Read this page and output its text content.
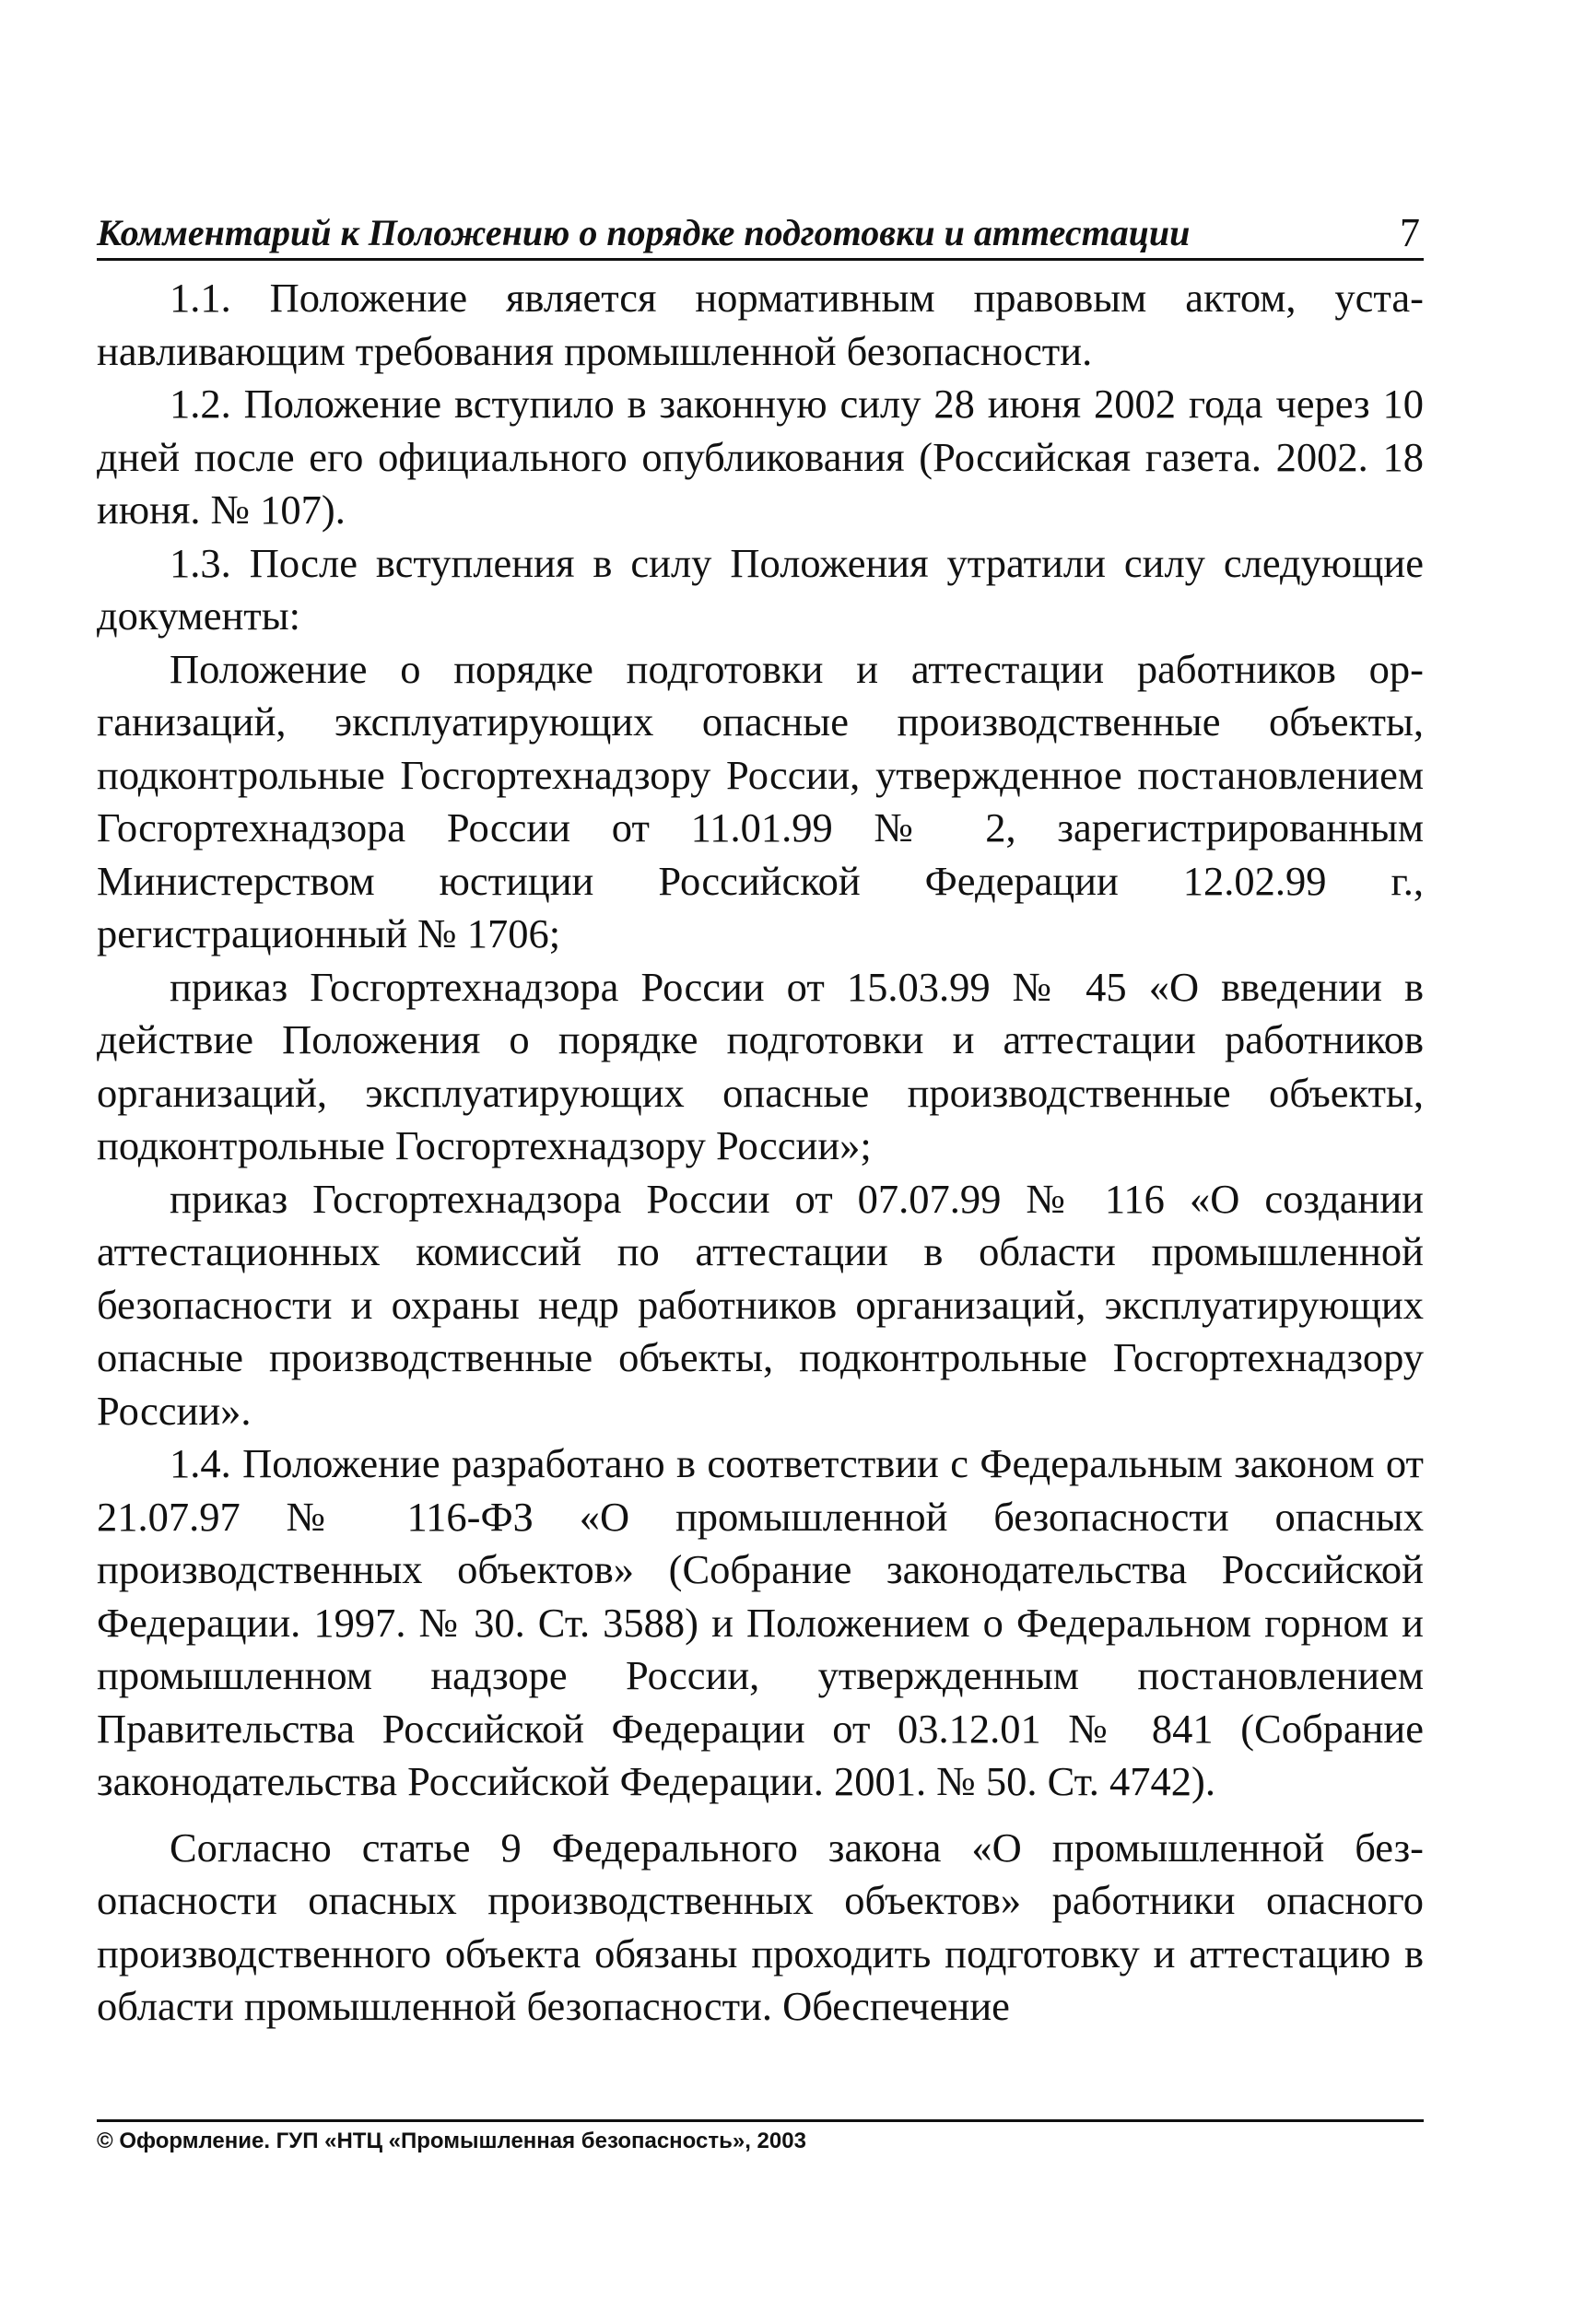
Комментарий к Положению о порядке подготовки и аттестации	7

1.1. Положение является нормативным правовым актом, устанавливающим требования промышленной безопасности.

1.2. Положение вступило в законную силу 28 июня 2002 года через 10 дней после его официального опубликования (Российская газета. 2002. 18 июня. № 107).

1.3. После вступления в силу Положения утратили силу следующие документы:

Положение о порядке подготовки и аттестации работников организаций, эксплуатирующих опасные производственные объекты, подконтрольные Госгортехнадзору России, утвержденное постановлением Госгортехнадзора России от 11.01.99 № 2, зарегистрированным Министерством юстиции Российской Федерации 12.02.99 г., регистрационный № 1706;

приказ Госгортехнадзора России от 15.03.99 № 45 «О введении в действие Положения о порядке подготовки и аттестации работников организаций, эксплуатирующих опасные производственные объекты, подконтрольные Госгортехнадзору России»;

приказ Госгортехнадзора России от 07.07.99 № 116 «О создании аттестационных комиссий по аттестации в области промышленной безопасности и охраны недр работников организаций, эксплуатирующих опасные производственные объекты, подконтрольные Госгортехнадзору России».

1.4. Положение разработано в соответствии с Федеральным законом от 21.07.97 № 116-ФЗ «О промышленной безопасности опасных производственных объектов» (Собрание законодательства Российской Федерации. 1997. № 30. Ст. 3588) и Положением о Федеральном горном и промышленном надзоре России, утвержденным постановлением Правительства Российской Федерации от 03.12.01 № 841 (Собрание законодательства Российской Федерации. 2001. № 50. Ст. 4742).

Согласно статье 9 Федерального закона «О промышленной безопасности опасных производственных объектов» работники опасного производственного объекта обязаны проходить подготовку и аттестацию в области промышленной безопасности. Обеспечение

© Оформление. ГУП «НТЦ «Промышленная безопасность», 2003
